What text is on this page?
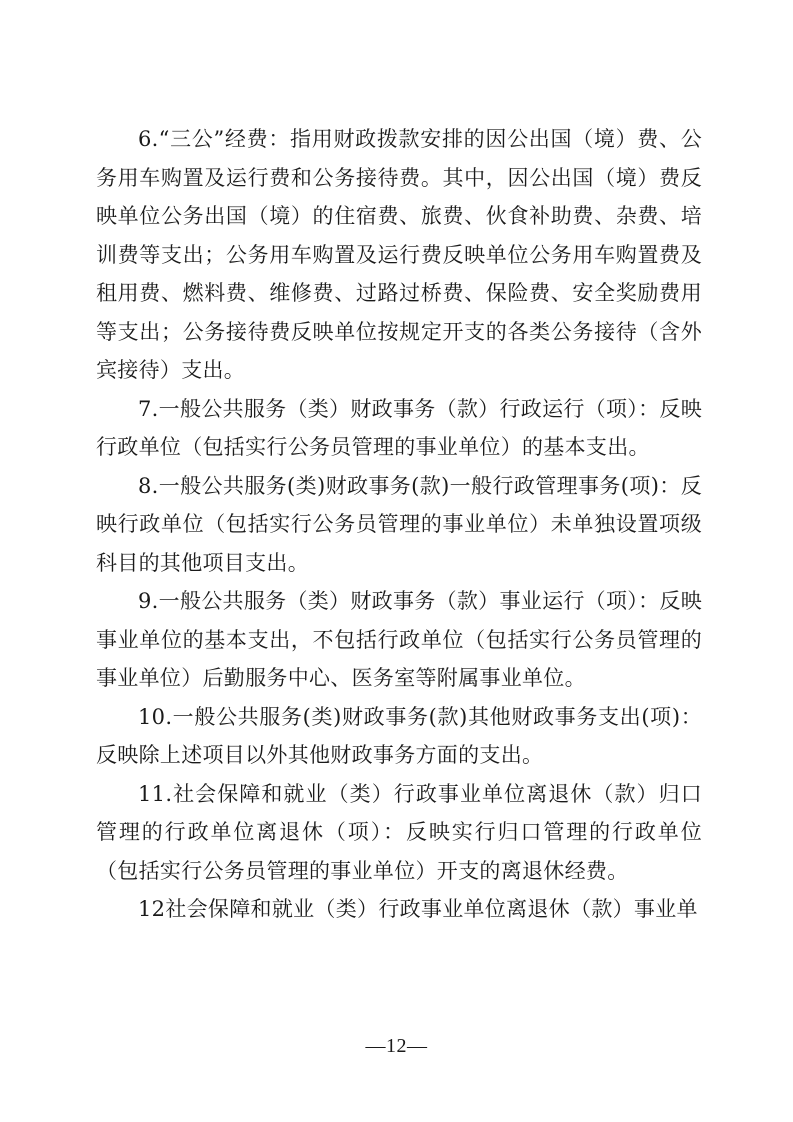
6.“三公”经费：指用财政拨款安排的因公出国（境）费、公务用车购置及运行费和公务接待费。其中，因公出国（境）费反映单位公务出国（境）的住宿费、旅费、伙食补助费、杂费、培训费等支出；公务用车购置及运行费反映单位公务用车购置费及租用费、燃料费、维修费、过路过桥费、保险费、安全奖励费用等支出；公务接待费反映单位按规定开支的各类公务接待（含外宾接待）支出。

7.一般公共服务（类）财政事务（款）行政运行（项）：反映行政单位（包括实行公务员管理的事业单位）的基本支出。

8.一般公共服务(类)财政事务(款)一般行政管理事务(项)：反映行政单位（包括实行公务员管理的事业单位）未单独设置项级科目的其他项目支出。

9.一般公共服务（类）财政事务（款）事业运行（项）：反映事业单位的基本支出，不包括行政单位（包括实行公务员管理的事业单位）后勤服务中心、医务室等附属事业单位。

10.一般公共服务(类)财政事务(款)其他财政事务支出(项)：反映除上述项目以外其他财政事务方面的支出。

11.社会保障和就业（类）行政事业单位离退休（款）归口管理的行政单位离退休（项）：反映实行归口管理的行政单位（包括实行公务员管理的事业单位）开支的离退休经费。

12社会保障和就业（类）行政事业单位离退休（款）事业单

—12—
